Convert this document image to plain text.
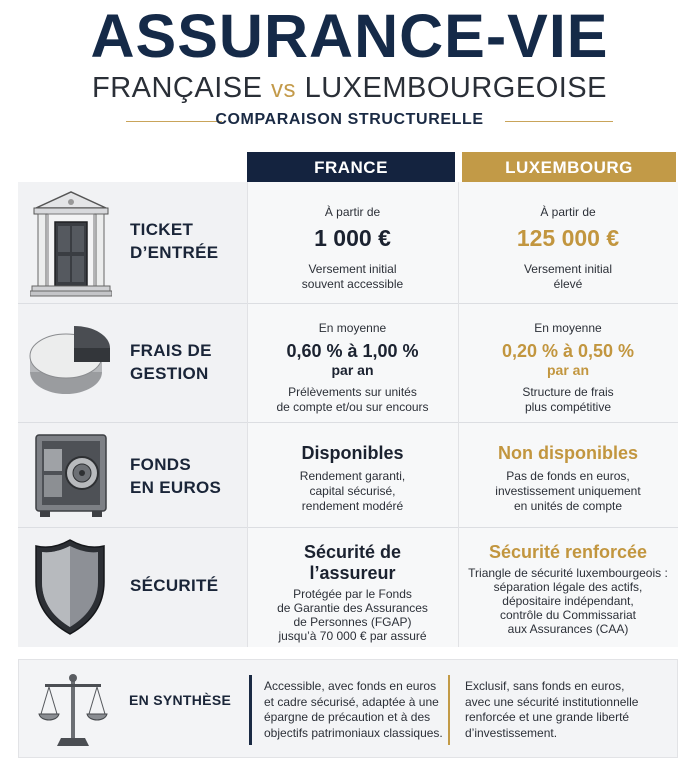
ASSURANCE-VIE
FRANÇAISE vs LUXEMBOURGEOISE
COMPARAISON STRUCTURELLE
FRANCE	LUXEMBOURG
TICKET
D’ENTRÉE
À partir de
1 000 €
Versement initial
souvent accessible
À partir de
125 000 €
Versement initial
élevé
FRAIS DE
GESTION
En moyenne
0,60 % à 1,00 %
par an
Prélèvements sur unités
de compte et/ou sur encours
En moyenne
0,20 % à 0,50 %
par an
Structure de frais
plus compétitive
FONDS
EN EUROS
Disponibles
Rendement garanti,
capital sécurisé,
rendement modéré
Non disponibles
Pas de fonds en euros,
investissement uniquement
en unités de compte
SÉCURITÉ
Sécurité de
l’assureur
Protégée par le Fonds
de Garantie des Assurances
de Personnes (FGAP)
jusqu’à 70 000 € par assuré
Sécurité renforcée
Triangle de sécurité luxembourgeois :
séparation légale des actifs,
dépositaire indépendant,
contrôle du Commissariat
aux Assurances (CAA)
EN SYNTHÈSE
Accessible, avec fonds en euros
et cadre sécurisé, adaptée à une
épargne de précaution et à des
objectifs patrimoniaux classiques.
Exclusif, sans fonds en euros,
avec une sécurité institutionnelle
renforcée et une grande liberté
d’investissement.
